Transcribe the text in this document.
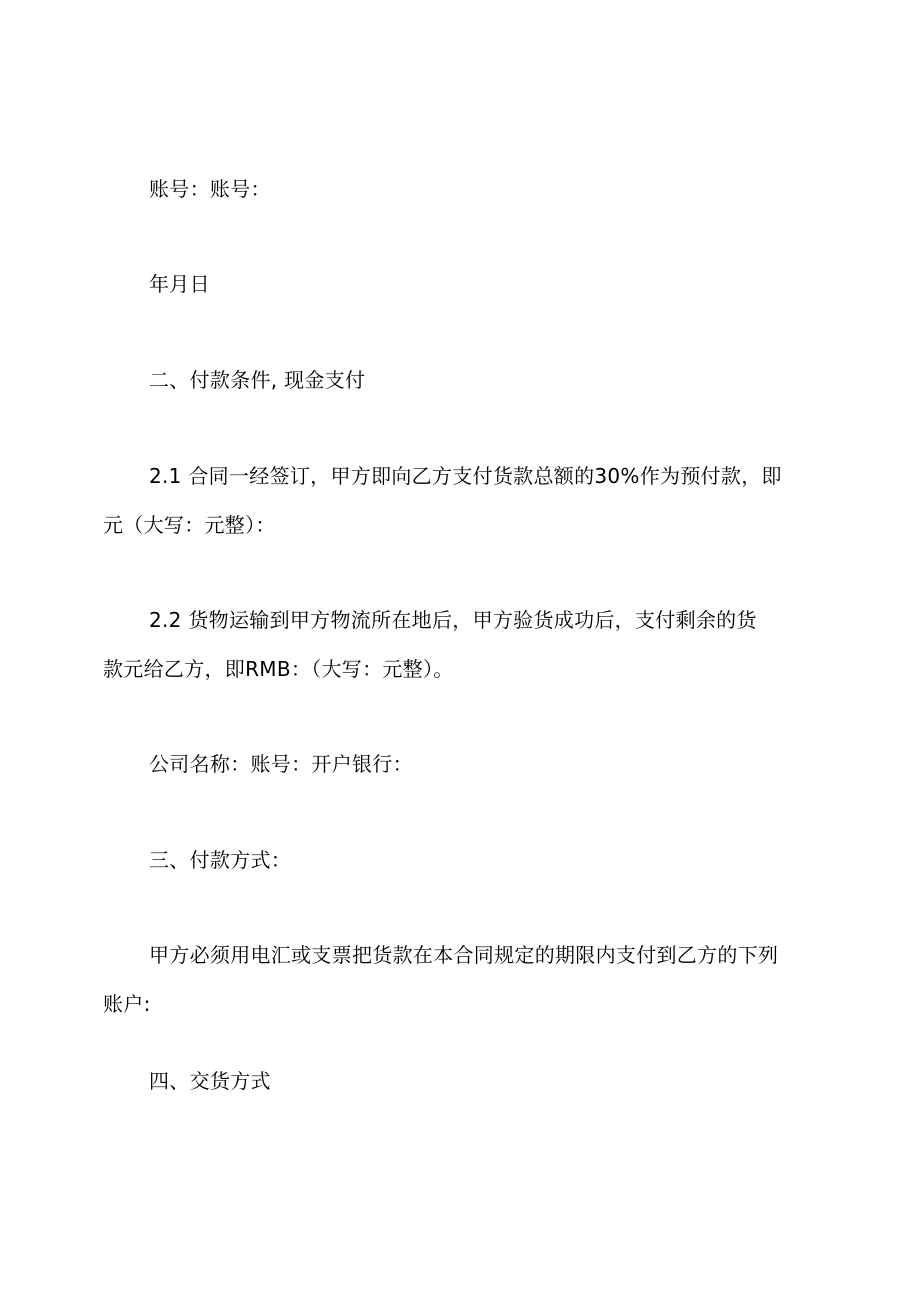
账号：账号：
年月日
二、付款条件, 现金支付
2.1 合同一经签订，甲方即向乙方支付货款总额的30%作为预付款，即
元（大写：元整）：
2.2 货物运输到甲方物流所在地后，甲方验货成功后，支付剩余的货
款元给乙方，即RMB：（大写：元整）。
公司名称：账号：开户银行：
三、付款方式：
甲方必须用电汇或支票把货款在本合同规定的期限内支付到乙方的下列
账户:
四、交货方式
